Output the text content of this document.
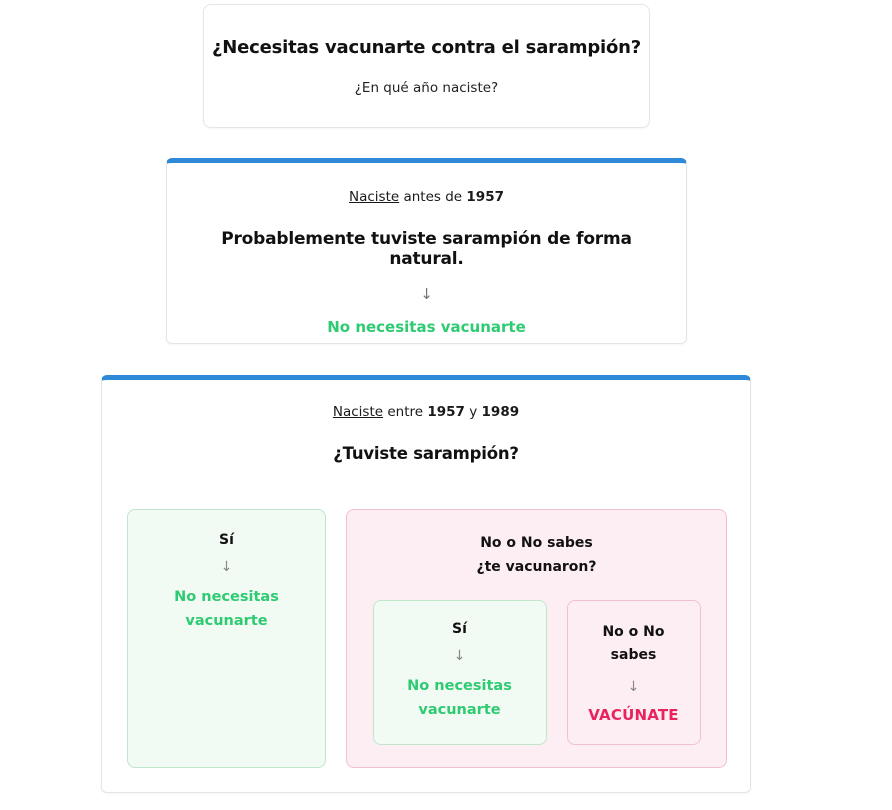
¿Necesitas vacunarte contra el sarampión?
¿En qué año naciste?
Naciste antes de 1957
Probablemente tuviste sarampión de forma natural.
↓
No necesitas vacunarte
Naciste entre 1957 y 1989
¿Tuviste sarampión?
Sí
↓
No necesitas vacunarte
No o No sabes
¿te vacunaron?
Sí
↓
No necesitas vacunarte
No o No
sabes
↓
VACÚNATE
